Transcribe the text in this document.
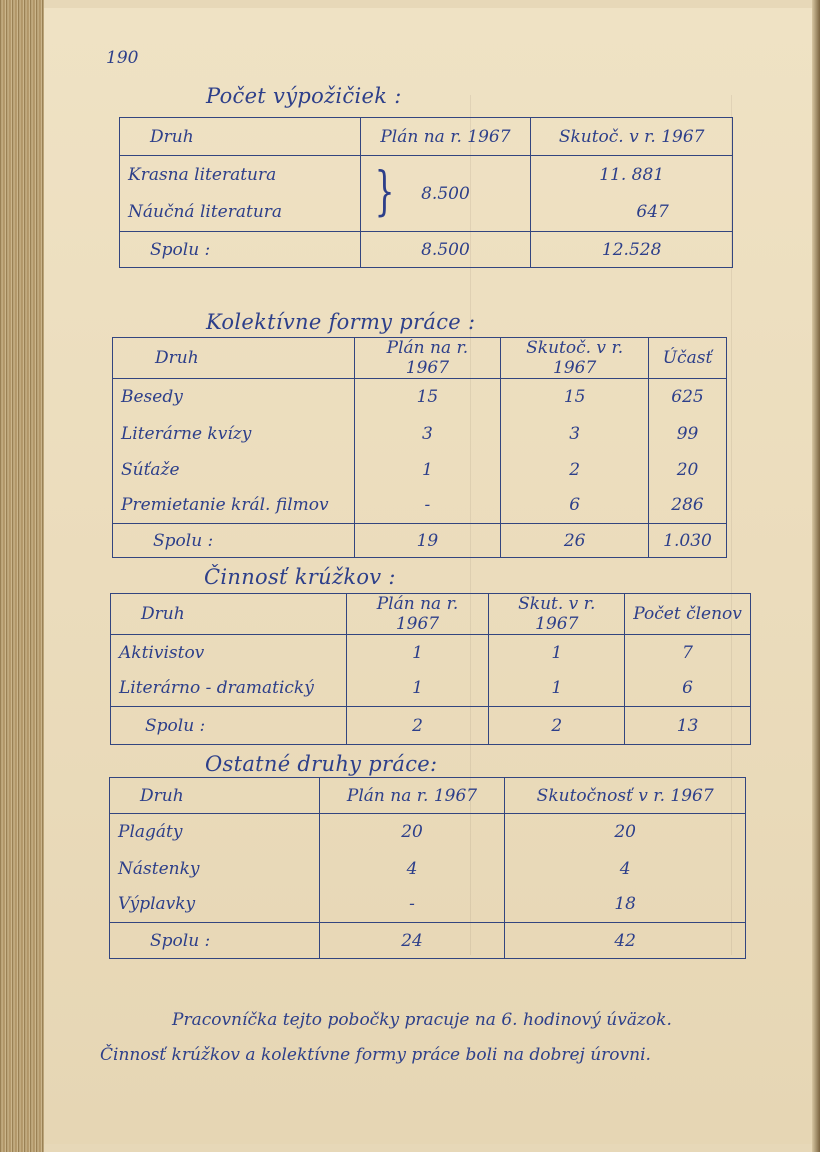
190
Počet výpožičiek :
Druh	Plán na r. 1967	Skutoč. v r. 1967
Krasna literatura	8.500	11. 881
Náučná literatura		647
Spolu :	8.500	12.528
}
Kolektívne formy práce :
Druh	Plán na r. 1967	Skutoč. v r. 1967	Účasť
Besedy	15	15	625
Literárne kvízy	3	3	99
Súťaže	1	2	20
Premietanie král. filmov	-	6	286
Spolu :	19	26	1.030
Činnosť krúžkov :
Druh	Plán na r. 1967	Skut. v r. 1967	Počet členov
Aktivistov	1	1	7
Literárno - dramatický	1	1	6
Spolu :	2	2	13
Ostatné druhy práce:
Druh	Plán na r. 1967	Skutočnosť v r. 1967
Plagáty	20	20
Nástenky	4	4
Výplavky	-	18
Spolu :	24	42
Pracovníčka tejto pobočky pracuje na 6. hodinový úväzok.
Činnosť krúžkov a kolektívne formy práce boli na dobrej úrovni.
